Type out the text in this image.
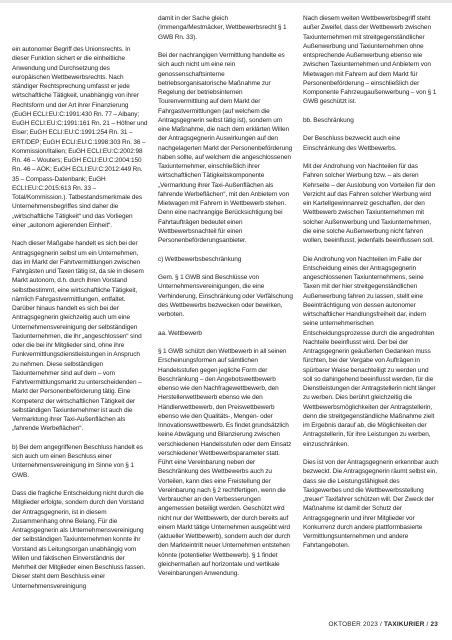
ein autonomer Begriff des Unionsrechts. In dieser Funktion sichert er die einheitliche Anwendung und Durchsetzung des europäischen Wettbewerbsrechts. Nach ständiger Rechtsprechung umfasst er jede wirtschaftliche Tätigkeit, unabhängig von ihrer Rechtsform und der Art ihrer Finanzierung (EuGH ECLI:EU:C:1991:430 Rn. 77 – Albany; EuGH ECLI:EU:C:1991:161 Rn. 21 – Höfner und Elser; EuGH ECLI:EU:C:1991:254 Rn. 31 – ERT/DEP; EuGH ECLI:EU:C:1998:303 Rn. 36 – Kommission/Italien; EuGH ECLI:EU:C:2002:98 Rn. 46 – Wouters; EuGH ECLI:EU:C:2004:150 Rn. 46 – AOK; EuGH ECLI:EU:C:2012:449 Rn. 35 – Compass-Datenbank; EuGH ECLI:EU:C:2015:613 Rn. 33 – Total/Kommission.). Tatbestandsmerkmale des Unternehmensbegriffes sind daher die „wirtschaftliche Tätigkeit“ und das Vorliegen einer „autonom agierenden Einheit“.

Nach dieser Maßgabe handelt es sich bei der Antragsgegnerin selbst um ein Unternehmen, das im Markt der Fahrtvermittlungen zwischen Fahrgästen und Taxen tätig ist, da sie in diesem Markt autonom, d.h. durch ihren Vorstand selbstbestimmt, eine wirtschaftliche Tätigkeit, nämlich Fahrgastvermittlungen, entfaltet. Darüber hinaus handelt es sich bei der Antragsgegnerin gleichzeitig auch um eine Unternehmensvereinigung der selbständigen Taxiunternehmen, die ihr „angeschlossen“ sind oder die bei ihr Mitglieder sind, ohne ihre Funkvermittlungsdienstleistungen in Anspruch zu nehmen. Diese selbständigen Taxiunternehmer sind auf dem – vom Fahrtvermittlungsmarkt zu unterscheidenden – Markt der Personenbeförderung tätig. Eine Kompetenz der wirtschaftlichen Tätigkeit der selbständigen Taxiunternehmer ist auch die Vermarktung ihrer Taxi-Außenflächen als „fahrende Werbeflächen“.

b) Bei dem angegriffenen Beschluss handelt es sich auch um einen Beschluss einer Unternehmensvereinigung im Sinne von § 1 GWB.

Dass die fragliche Entscheidung nicht durch die Mitglieder erfolgte, sondern durch den Vorstand der Antragsgegnerin, ist in diesem Zusammenhang ohne Belang. Für die Antragsgegnerin als Unternehmensvereinigung der selbständigen Taxiunternehmen konnte ihr Vorstand als Leitungsorgan unabhängig vom Willen und faktischen Einverständnis der Mehrheit der Mitglieder einen Beschluss fassen. Dieser steht dem Beschluss einer Unternehmensvereinigung

damit in der Sache gleich (Immenga/Mestmäcker, Wettbewerbsrecht § 1 GWB Rn. 33).

Bei der nachrangigen Vermittlung handelte es sich auch nicht um eine rein genossenschaftsinterne betriebsorganisatorische Maßnahme zur Regelung der betriebsinternen Tourenvermittlung auf dem Markt der Fahrgastvermittlungen (auf welchem die Antragsgegnerin selbst tätig ist), sondern um eine Maßnahme, die nach dem erklärten Willen der Antragsgegnerin Auswirkungen auf den nachgelagerten Markt der Personenbeförderung haben sollte, auf welchem die angeschlossenen Taxiunternehmer, einschließlich ihrer wirtschaftlichen Tätigkeitskomponente „Vermarktung ihrer Taxi-Außenflächen als fahrende Werbeflächen“, mit den Anbietern von Mietwagen mit Fahrern in Wettbewerb stehen. Denn eine nachrangige Berücksichtigung bei Fahrtaufträgen bedeutet einen Wettbewerbsnachteil für einen Personenbeförderungsanbieter.

c) Wettbewerbsbeschränkung

Gem. § 1 GWB sind Beschlüsse von Unternehmensvereinigungen, die eine Verhinderung, Einschränkung oder Verfälschung des Wettbewerbs bezwecken oder bewirken, verboten.

aa. Wettbewerb

§ 1 GWB schützt den Wettbewerb in all seinen Erscheinungsformen auf sämtlichen Handelsstufen gegen jegliche Form der Beschränkung – den Angebotswettbewerb ebenso wie den Nachfragewettbewerb, den Herstellerwettbewerb ebenso wie den Händlerwettbewerb, den Preiswettbewerb ebenso wie den Qualitäts-, Mengen- oder Innovationswettbewerb. Es findet grundsätzlich keine Abwägung und Bilanzierung zwischen verschiedenen Handelsstufen oder dem Einsatz verschiedener Wettbewerbsparameter statt. Führt eine Vereinbarung neben der Beschränkung des Wettbewerbs auch zu Vorteilen, kann dies eine Freistellung der Vereinbarung nach § 2 rechtfertigen, wenn die Verbraucher an den Verbesserungen angemessen beteiligt werden. Geschützt wird nicht nur der Wettbewerb, der durch bereits auf einem Markt tätige Unternehmen ausgeübt wird (aktueller Wettbewerb), sondern auch der durch den Markteintritt neuer Unternehmen entstehen könnte (potentieller Wettbewerb). § 1 findet gleichermaßen auf horizontale und vertikale Vereinbarungen Anwendung.

Nach diesem weiten Wettbewerbsbegriff steht außer Zweifel, dass der Wettbewerb zwischen Taxiunternehmen mit streitgegenständlicher Außenwerbung und Taxiunternehmen ohne entsprechende Außenwerbung ebenso wie zwischen Taxiunternehmen und Anbietern von Mietwagen mit Fahrern auf dem Markt für Personenbeförderung – einschließlich der Komponente Fahrzeugaußenwerbung – von § 1 GWB geschützt ist.

bb. Beschränkung

Der Beschluss bezweckt auch eine Einschränkung des Wettbewerbs.

Mit der Androhung von Nachteilen für das Fahren solcher Werbung bzw. – als deren Kehrseite – der Auslobung von Vorteilen für den Verzicht auf das Fahren solcher Werbung wird ein Kartellgewinnanreiz geschaffen, der den Wettbewerb zwischen Taxiunternehmen mit solcher Außenwerbung und Taxiunternehmen, die eine solche Außenwerbung nicht fahren wollen, beeinflusst, jedenfalls beeinflussen soll.

Die Androhung von Nachteilen im Falle der Entscheidung eines der Antragsgegnerin angeschlossenen Taxiunternehmens, seine Taxen mit der hier streitgegenständlichen Außenwerbung fahren zu lassen, stellt eine Beeinträchtigung von dessen autonomer wirtschaftlicher Handlungsfreiheit dar, indem seine unternehmerischen Entscheidungsprozesse durch die angedrohten Nachteile beeinflusst wird. Der bei der Antragsgegnerin geäußerten Gedanken muss fürchten, bei der Vergabe von Aufträgen in spürbarer Weise benachteiligt zu werden und soll so dahingehend beeinflusst werden, für die Dienstleistungen der Antragstellerin nicht länger zu werben. Dies berührt gleichzeitig die Wettbewerbsmöglichkeiten der Antragstellerin, denn die streitgegenständliche Maßnahme zielt im Ergebnis darauf ab, die Möglichkeiten der Antragstellerin, für ihre Leistungen zu werben, einzuschränken.

Dies ist von der Antragsgegnerin erkennbar auch bezweckt. Die Antragsgegnerin räumt selbst ein, dass sie die Leistungsfähigkeit des Taxigewerbes und die Wettbewerbsstellung „treuer“ Taxifahrer schützen will. Der Zweck der Maßnahme ist damit der Schutz der Antragsgegnerin und ihrer Mitglieder vor Konkurrenz durch andere plattformbasierte Vermittlungsunternehmen und andere Fahrtangeboten.

OKTOBER 2023 / TAXIKURIER / 23
